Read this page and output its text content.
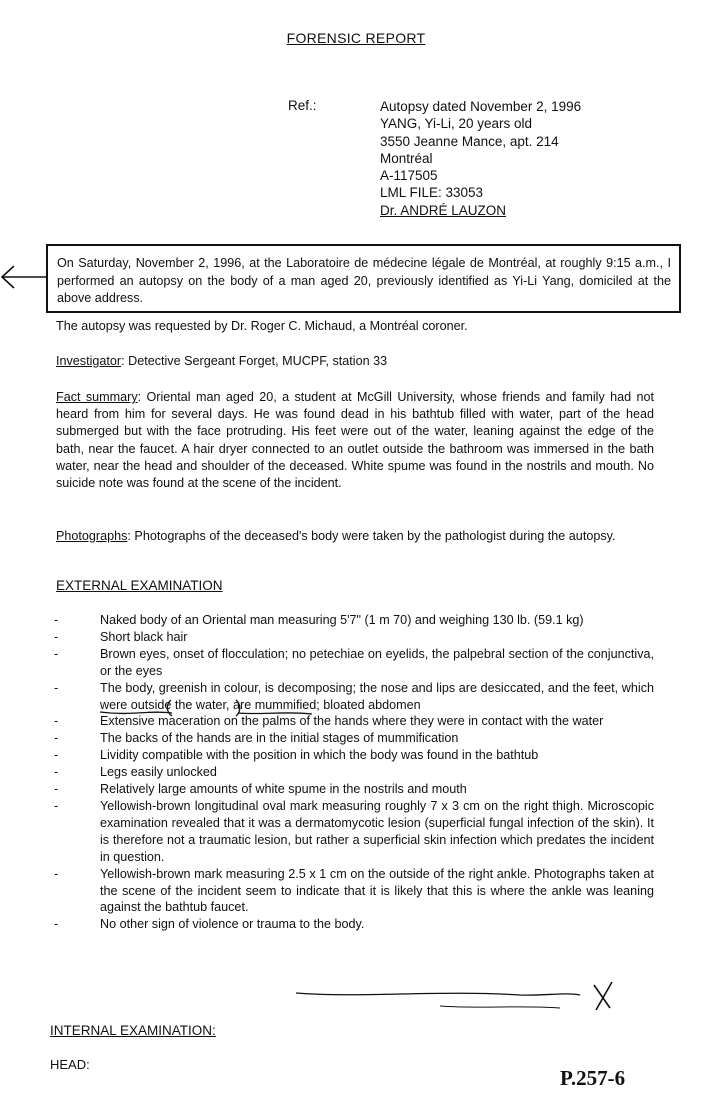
FORENSIC REPORT
Ref.:	Autopsy dated November 2, 1996
YANG, Yi-Li, 20 years old
3550 Jeanne Mance, apt. 214
Montréal
A-117505
LML FILE: 33053
Dr. ANDRÉ LAUZON
On Saturday, November 2, 1996, at the Laboratoire de médecine légale de Montréal, at roughly 9:15 a.m., I performed an autopsy on the body of a man aged 20, previously identified as Yi-Li Yang, domiciled at the above address.
The autopsy was requested by Dr. Roger C. Michaud, a Montréal coroner.
Investigator: Detective Sergeant Forget, MUCPF, station 33
Fact summary: Oriental man aged 20, a student at McGill University, whose friends and family had not heard from him for several days. He was found dead in his bathtub filled with water, part of the head submerged but with the face protruding. His feet were out of the water, leaning against the edge of the bath, near the faucet. A hair dryer connected to an outlet outside the bathroom was immersed in the bath water, near the head and shoulder of the deceased. White spume was found in the nostrils and mouth. No suicide note was found at the scene of the incident.
Photographs: Photographs of the deceased's body were taken by the pathologist during the autopsy.
EXTERNAL EXAMINATION
- Naked body of an Oriental man measuring 5'7" (1 m 70) and weighing 130 lb. (59.1 kg)
- Short black hair
- Brown eyes, onset of flocculation; no petechiae on eyelids, the palpebral section of the conjunctiva, or the eyes
- The body, greenish in colour, is decomposing; the nose and lips are desiccated, and the feet, which were outside the water, are mummified; bloated abdomen
- Extensive maceration on the palms of the hands where they were in contact with the water
- The backs of the hands are in the initial stages of mummification
- Lividity compatible with the position in which the body was found in the bathtub
- Legs easily unlocked
- Relatively large amounts of white spume in the nostrils and mouth
- Yellowish-brown longitudinal oval mark measuring roughly 7 x 3 cm on the right thigh. Microscopic examination revealed that it was a dermatomycotic lesion (superficial fungal infection of the skin). It is therefore not a traumatic lesion, but rather a superficial skin infection which predates the incident in question.
- Yellowish-brown mark measuring 2.5 x 1 cm on the outside of the right ankle. Photographs taken at the scene of the incident seem to indicate that it is likely that this is where the ankle was leaning against the bathtub faucet.
- No other sign of violence or trauma to the body.
INTERNAL EXAMINATION:
HEAD:
P.257-6
